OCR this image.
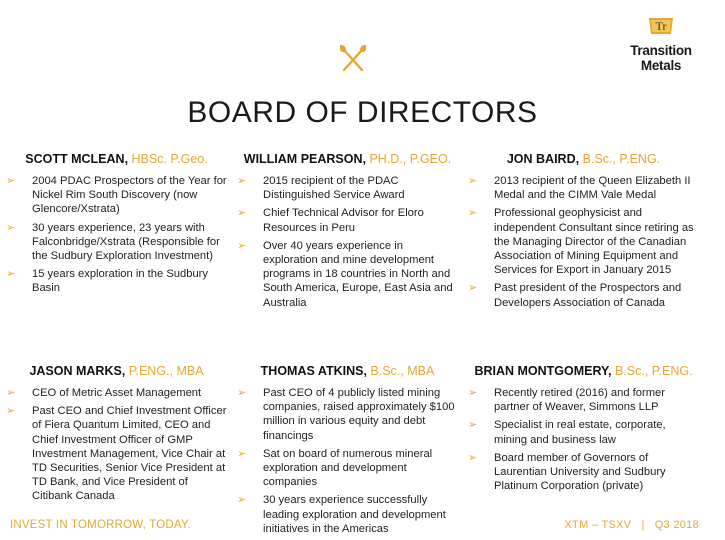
Tr
Transition Metals
BOARD OF DIRECTORS
SCOTT MCLEAN, HBSc. P.Geo.
➢ 2004 PDAC Prospectors of the Year for Nickel Rim South Discovery (now Glencore/Xstrata)
➢ 30 years experience, 23 years with Falconbridge/Xstrata (Responsible for the Sudbury Exploration Investment)
➢ 15 years exploration in the Sudbury Basin
WILLIAM PEARSON, PH.D., P.GEO.
➢ 2015 recipient of the PDAC Distinguished Service Award
➢ Chief Technical Advisor for Eloro Resources in Peru
➢ Over 40 years experience in exploration and mine development programs in 18 countries in North and South America, Europe, East Asia and Australia
JON BAIRD, B.Sc., P.ENG.
➢ 2013 recipient of the Queen Elizabeth II Medal and the CIMM Vale Medal
➢ Professional geophysicist and independent Consultant since retiring as the Managing Director of the Canadian Association of Mining Equipment and Services for Export in January 2015
➢ Past president of the Prospectors and Developers Association of Canada
JASON MARKS, P.ENG., MBA
➢ CEO of Metric Asset Management
➢ Past CEO and Chief Investment Officer of Fiera Quantum Limited, CEO and Chief Investment Officer of GMP Investment Management, Vice Chair at TD Securities, Senior Vice President at TD Bank, and Vice President of Citibank Canada
THOMAS ATKINS, B.Sc., MBA
➢ Past CEO of 4 publicly listed mining companies, raised approximately $100 million in various equity and debt financings
➢ Sat on board of numerous mineral exploration and development companies
➢ 30 years experience successfully leading exploration and development initiatives in the Americas
BRIAN MONTGOMERY, B.Sc., P.ENG.
➢ Recently retired (2016) and former partner of Weaver, Simmons LLP
➢ Specialist in real estate, corporate, mining and business law
➢ Board member of Governors of Laurentian University and Sudbury Platinum Corporation (private)
INVEST IN TOMORROW, TODAY.	XTM – TSXV   |   Q3 2018
